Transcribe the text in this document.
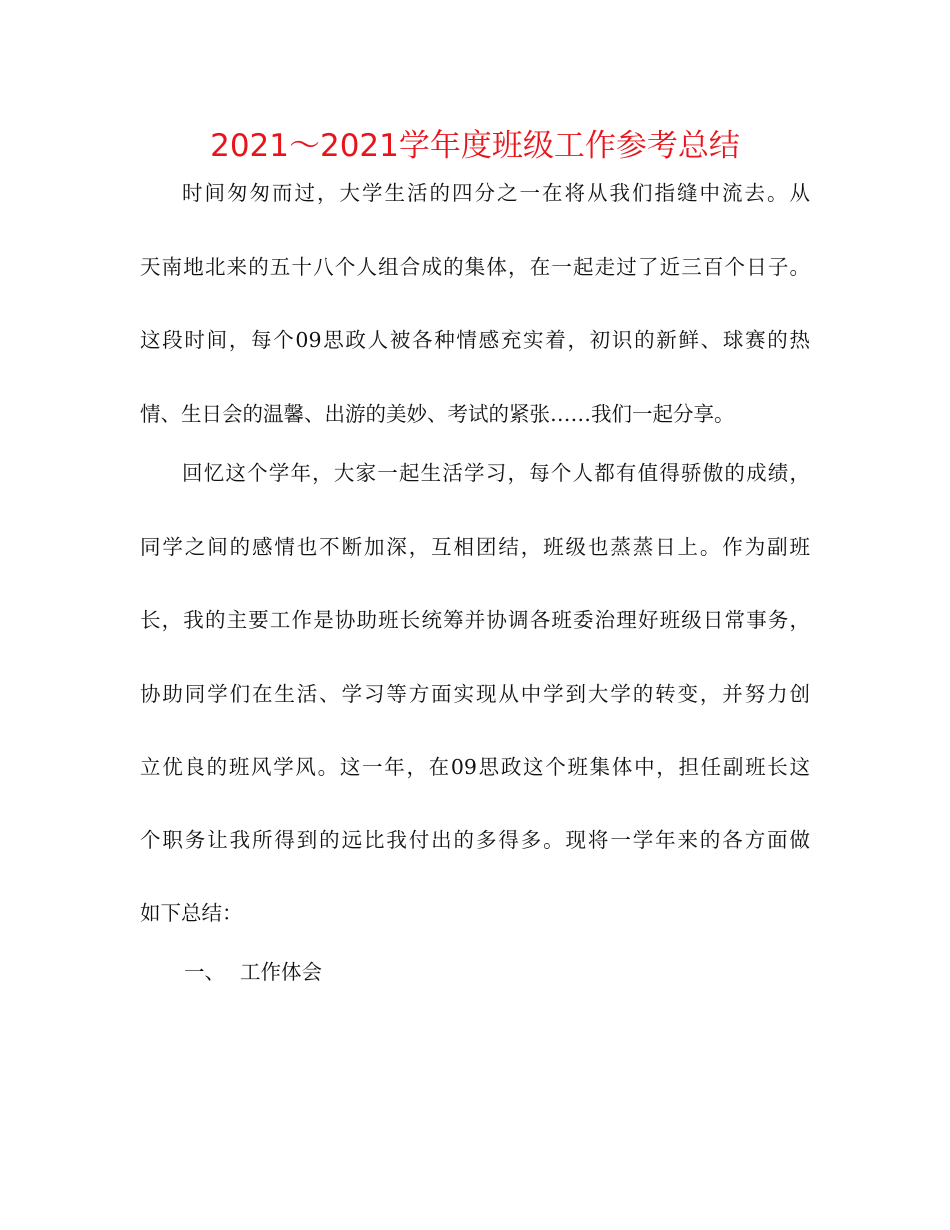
2021～2021学年度班级工作参考总结
时间匆匆而过，大学生活的四分之一在将从我们指缝中流去。从
天南地北来的五十八个人组合成的集体，在一起走过了近三百个日子。
这段时间，每个09思政人被各种情感充实着，初识的新鲜、球赛的热
情、生日会的温馨、出游的美妙、考试的紧张……我们一起分享。
回忆这个学年，大家一起生活学习，每个人都有值得骄傲的成绩，
同学之间的感情也不断加深，互相团结，班级也蒸蒸日上。作为副班
长，我的主要工作是协助班长统筹并协调各班委治理好班级日常事务，
协助同学们在生活、学习等方面实现从中学到大学的转变，并努力创
立优良的班风学风。这一年，在09思政这个班集体中，担任副班长这
个职务让我所得到的远比我付出的多得多。现将一学年来的各方面做
如下总结：
一、 工作体会
